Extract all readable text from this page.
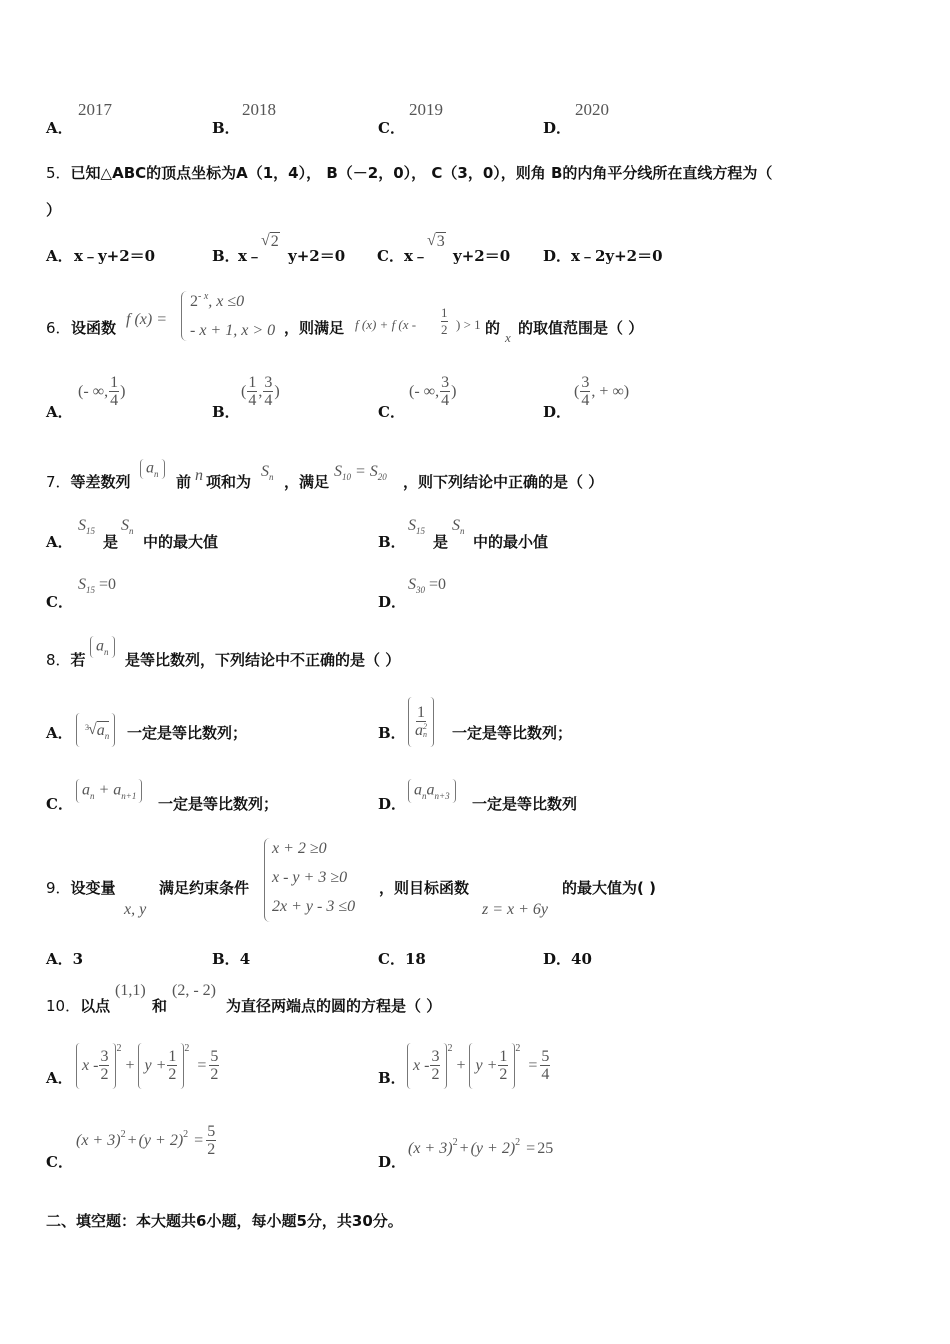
A．
2017
B．
2018
C．
2019
D．
2020
5．已知△ABC的顶点坐标为A（1，4）， B（－2，0）， C（3，0），则角 B的内角平分线所在直线方程为（
）
A． x﹣y+2＝0	B．
x﹣
√ 2
y+2＝0 C． x﹣
√ 3
y+2＝0 D． x﹣2y+2＝0
6． 设函数 f (x) =
$2^{- x}$, x ≤0
- x + 1, x > 0 ，则满足 f (x) + f (x -
1
2 ) > 1 的
x
的取值范围是（ ）
A．
(- ∞, $\frac{1}{4}$ )
B．
( $\frac{1}{4}$ , $\frac{3}{4}$ )
C．
(- ∞, $\frac{3}{4}$ )
D．
( $\frac{3}{4}$ , + ∞)
7．等差数列
$a_n$	前 n 项和为
$S_n$ ，满足
$S_{10} = S_{20}$ ，则下列结论中正确的是（ ）
A．
$S_{15}$
是
$S_n$
中的最大值	B．
$S_{15}$
是
$S_n$
中的最小值
C．
$S_{15} =0$
D．
$S_{30} =0$
8．若
$a_n$	是等比数列，下列结论中不正确的是（ ）
A． 3 √ $a_n$ 一定是等比数列；	B． 1
a 2
n 一定是等比数列；
C．
$a_n + a_{n+1}$	一定是等比数列；	D．
$a_na_{n+3}$	一定是等比数列
9．设变量
x, y
满足约束条件
x + 2 ≥0
x - y + 3 ≥0
2x + y - 3 ≤0
，则目标函数
z = x + 6y
的最大值为( )
A．3	B．4	C．18	D．40
10．以点
(1,1)
和
(2, - 2)
为直径两端点的圆的方程是（ ）
A．
x - $\frac{3}{2}$
2
+ $y + \frac{1}{2}$
2
= $\frac{5}{2}$	B．
x - $\frac{3}{2}$
2
+ $y + \frac{1}{2}$
2
= $\frac{5}{4}$
C．
(x + 3) 2 + (y + 2) $2 = \frac{5}{2}$
D．
(x + 3) 2 + (y + 2) 2 = 25
二、填空题：本大题共6小题，每小题5分，共30分。
